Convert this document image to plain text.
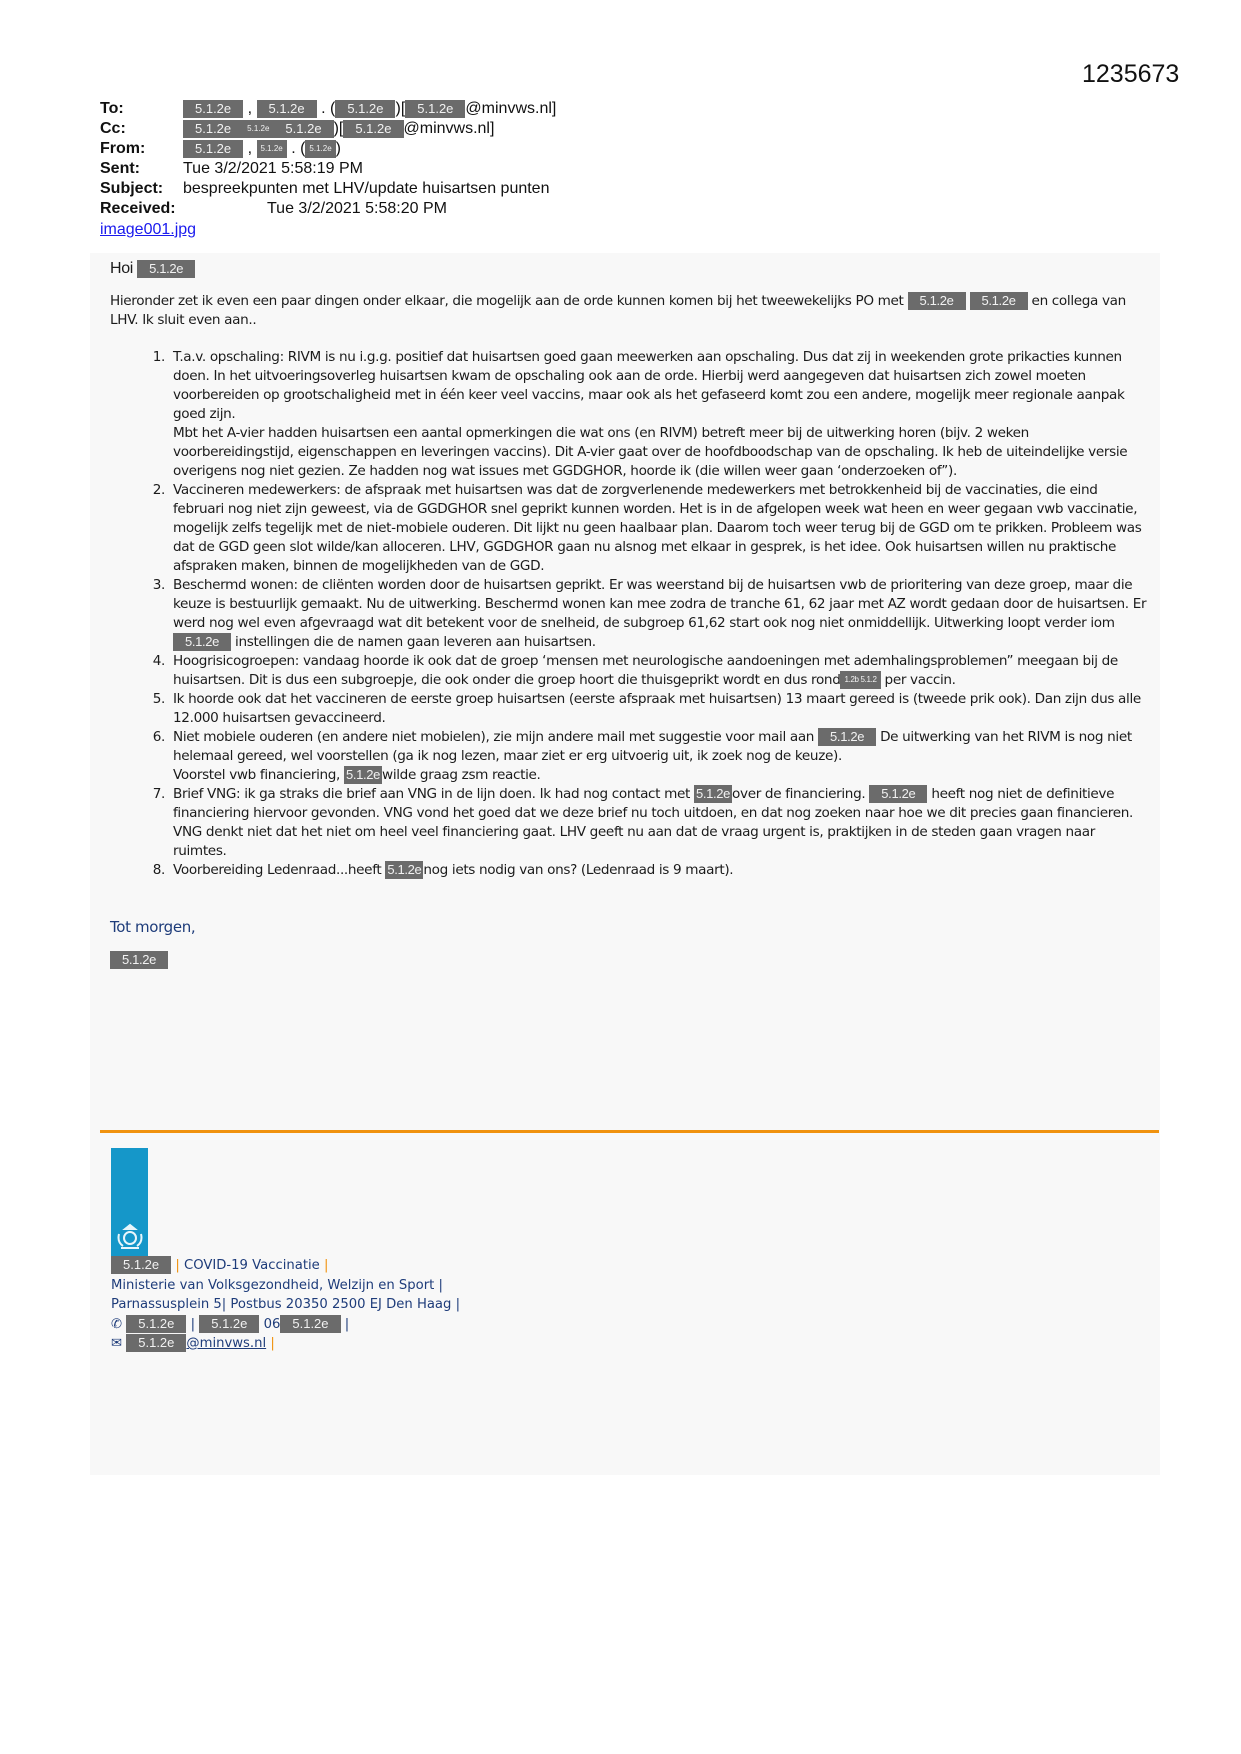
1235673
To:	5.1.2e , 5.1.2e . ( 5.1.2e )[ 5.1.2e @minvws.nl]
Cc:	5.1.2e 5.1.2e 5.1.2e )[ 5.1.2e @minvws.nl]
From:	5.1.2e , 5.1.2e . ( 5.1.2e )
Sent:	Tue 3/2/2021 5:58:19 PM
Subject:	bespreekpunten met LHV/update huisartsen punten
Received:	Tue 3/2/2021 5:58:20 PM
image001.jpg
Hoi 5.1.2e
Hieronder zet ik even een paar dingen onder elkaar, die mogelijk aan de orde kunnen komen bij het tweewekelijks PO met 5.1.2e 5.1.2e en collega van LHV. Ik sluit even aan..
1. T.a.v. opschaling: RIVM is nu i.g.g. positief dat huisartsen goed gaan meewerken aan opschaling. Dus dat zij in weekenden grote prikacties kunnen doen. In het uitvoeringsoverleg huisartsen kwam de opschaling ook aan de orde. Hierbij werd aangegeven dat huisartsen zich zowel moeten voorbereiden op grootschaligheid met in één keer veel vaccins, maar ook als het gefaseerd komt zou een andere, mogelijk meer regionale aanpak goed zijn.
Mbt het A-vier hadden huisartsen een aantal opmerkingen die wat ons (en RIVM) betreft meer bij de uitwerking horen (bijv. 2 weken voorbereidingstijd, eigenschappen en leveringen vaccins). Dit A-vier gaat over de hoofdboodschap van de opschaling. Ik heb de uiteindelijke versie overigens nog niet gezien. Ze hadden nog wat issues met GGDGHOR, hoorde ik (die willen weer gaan ‘onderzoeken of”).
2. Vaccineren medewerkers: de afspraak met huisartsen was dat de zorgverlenende medewerkers met betrokkenheid bij de vaccinaties, die eind februari nog niet zijn geweest, via de GGDGHOR snel geprikt kunnen worden. Het is in de afgelopen week wat heen en weer gegaan vwb vaccinatie, mogelijk zelfs tegelijk met de niet-mobiele ouderen. Dit lijkt nu geen haalbaar plan. Daarom toch weer terug bij de GGD om te prikken. Probleem was dat de GGD geen slot wilde/kan alloceren. LHV, GGDGHOR gaan nu alsnog met elkaar in gesprek, is het idee. Ook huisartsen willen nu praktische afspraken maken, binnen de mogelijkheden van de GGD.
3. Beschermd wonen: de cliënten worden door de huisartsen geprikt. Er was weerstand bij de huisartsen vwb de prioritering van deze groep, maar die keuze is bestuurlijk gemaakt. Nu de uitwerking. Beschermd wonen kan mee zodra de tranche 61, 62 jaar met AZ wordt gedaan door de huisartsen. Er werd nog wel even afgevraagd wat dit betekent voor de snelheid, de subgroep 61,62 start ook nog niet onmiddellijk. Uitwerking loopt verder iom 5.1.2e instellingen die de namen gaan leveren aan huisartsen.
4. Hoogrisicogroepen: vandaag hoorde ik ook dat de groep ‘mensen met neurologische aandoeningen met ademhalingsproblemen” meegaan bij de huisartsen. Dit is dus een subgroepje, die ook onder die groep hoort die thuisgeprikt wordt en dus rond 1.2b 5.1.2 per vaccin.
5. Ik hoorde ook dat het vaccineren de eerste groep huisartsen (eerste afspraak met huisartsen) 13 maart gereed is (tweede prik ook). Dan zijn dus alle 12.000 huisartsen gevaccineerd.
6. Niet mobiele ouderen (en andere niet mobielen), zie mijn andere mail met suggestie voor mail aan 5.1.2e De uitwerking van het RIVM is nog niet helemaal gereed, wel voorstellen (ga ik nog lezen, maar ziet er erg uitvoerig uit, ik zoek nog de keuze).
Voorstel vwb financiering, 5.1.2e wilde graag zsm reactie.
7. Brief VNG: ik ga straks die brief aan VNG in de lijn doen. Ik had nog contact met 5.1.2e over de financiering. 5.1.2e heeft nog niet de definitieve financiering hiervoor gevonden. VNG vond het goed dat we deze brief nu toch uitdoen, en dat nog zoeken naar hoe we dit precies gaan financieren. VNG denkt niet dat het niet om heel veel financiering gaat. LHV geeft nu aan dat de vraag urgent is, praktijken in de steden gaan vragen naar ruimtes.
8. Voorbereiding Ledenraad...heeft 5.1.2e nog iets nodig van ons? (Ledenraad is 9 maart).
Tot morgen,
5.1.2e
5.1.2e | COVID-19 Vaccinatie |
Ministerie van Volksgezondheid, Welzijn en Sport |
Parnassusplein 5| Postbus 20350 2500 EJ Den Haag |
✆ 5.1.2e | 5.1.2e 06 5.1.2e |
✉ 5.1.2e @minvws.nl |
